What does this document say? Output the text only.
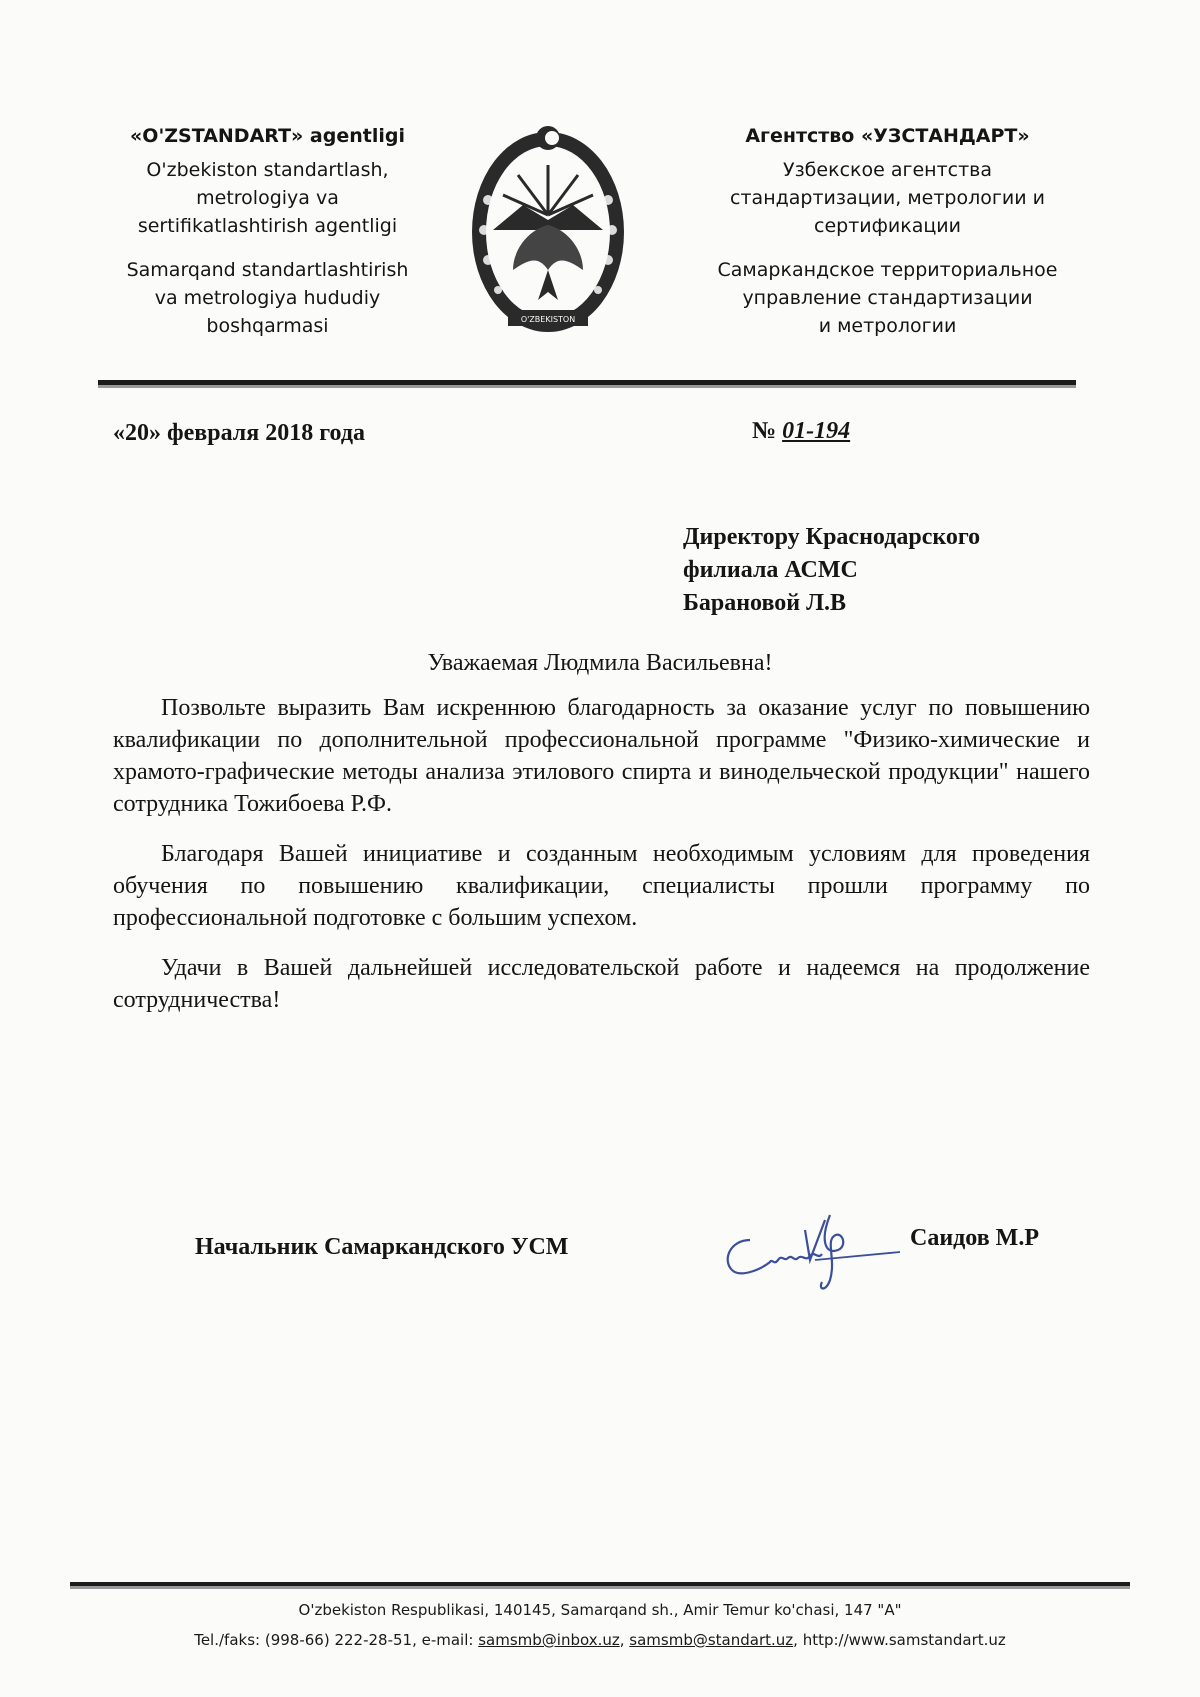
«O'ZSTANDART» agentligi
O'zbekiston standartlash,
metrologiya va
sertifikatlashtirish agentligi
Samarqand standartlashtirish
va metrologiya hududiy
boshqarmasi	O'ZBEKISTON
Агентство «УЗСТАНДАРТ»
Узбекское агентства
стандартизации, метрологии и
сертификации
Самаркандское территориальное
управление стандартизации
и метрологии
«20» февраля 2018 года	№ 01-194
Директору Краснодарского
филиала АСМС
Барановой Л.В
Уважаемая Людмила Васильевна!

Позвольте выразить Вам искреннюю благодарность за оказание услуг по повышению квалификации по дополнительной профессиональной программе "Физико-химические и храмото-графические методы анализа этилового спирта и винодельческой продукции" нашего сотрудника Тожибоева Р.Ф.

Благодаря Вашей инициативе и созданным необходимым условиям для проведения обучения по повышению квалификации, специалисты прошли программу по профессиональной подготовке с большим успехом.

Удачи в Вашей дальнейшей исследовательской работе и надеемся на продолжение сотрудничества!

Начальник Самаркандского УСМ	Саидов М.Р
O'zbekiston Respublikasi, 140145, Samarqand sh., Amir Temur ko'chasi, 147 "A"
Tel./faks: (998-66) 222-28-51, e-mail: samsmb@inbox.uz, samsmb@standart.uz, http://www.samstandart.uz
